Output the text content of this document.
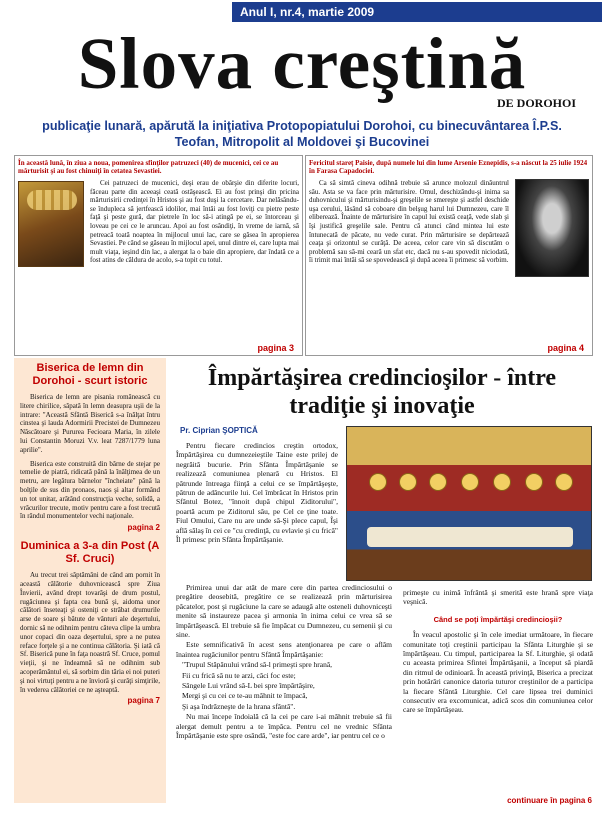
Anul I, nr.4, martie 2009
Slova creştină
DE DOROHOI
publicaţie lunară, apărută la iniţiativa Protopopiatului Dorohoi, cu binecuvântarea Î.P.S. Teofan, Mitropolit al Moldovei şi Bucovinei
În această lună, în ziua a noua, pomenirea sfinţilor patruzeci (40) de mucenici, cei ce au mărturisit şi au fost chinuiţi în cetatea Sevastiei.
Cei patruzeci de mucenici, deşi erau de obârşie din diferite locuri, făceau parte din aceeaşi ceată ostăşească. Ei au fost prinşi din pricina mărturisirii credinţei în Hristos şi au fost duşi la cercetare. Dar nelăsându-se îndupleca să jertfească idolilor, mai întâi au fost loviţi cu pietre peste faţă şi peste gură, dar pietrele în loc să-i atingă pe ei, se întorceau şi loveau pe cei ce le aruncau. Apoi au fost osândiţi, în vreme de iarnă, să petreacă toată noaptea în mijlocul unui lac, care se găsea în apropierea Sevastiei. Pe când se găseau în mijlocul apei, unul dintre ei, care lupta mai mult viaţa, ieşind din lac, a alergat la o baie din apropiere, dar îndată ce a fost atins de căldura de acolo, s-a topit cu totul.
pagina 3
Fericitul stareţ Paisie, după numele lui din lume Arsenie Eznepidis, s-a născut la 25 iulie 1924 în Farasa Capadociei.
Ca să simtă cineva odihnă trebuie să arunce molozul dinăuntrul său. Asta se va face prin mărturisire. Omul, deschizându-şi inima sa duhovnicului şi mărturisindu-şi greşelile se smereşte şi astfel deschide uşa cerului, lăsând să coboare din belşug harul lui Dumnezeu, care îl eliberează. Înainte de mărturisire în capul lui există ceaţă, vede slab şi îşi justifică greşelile sale. Pentru că atunci când mintea lui este întunecată de păcate, nu vede curat. Prin mărturisire se depărtează ceaţa şi orizontul se curăţă. De aceea, celor care vin să discutăm o problemă sau să-mi ceară un sfat etc, dacă nu s-au spovedit niciodată, îi trimit mai întâi să se spovedească şi după aceea îi primesc să vorbim.
pagina 4
Biserica de lemn din Dorohoi - scurt istoric
Biserica de lemn are pisania românească cu litere chirilice, săpată în lemn deasupra uşii de la intrare: "Această Sfântă Biserică s-a înălţat întru cinstea şi lauda Adormirii Precistei de Dumnezeu Născătoare şi Pururea Fecioara Maria, în zilele lui Constantin Moruzi V.v. leat 7287/1779 luna aprilie".
Biserica este construită din bârne de stejar pe temelie de piatră, ridicată până la înălţimea de un metru, are legătura bârnelor "încheiate" până la bolţile de sus din pronaos, naos şi altar formând un tot unitar, arătând construcţia veche, solidă, a vrăcurilor trecute, motiv pentru care a fost trecută în rândul monumentelor vechi naţionale.
pagina 2
Duminica a 3-a din Post (A Sf. Cruci)
Au trecut trei săptămâni de când am pornit în această călătorie duhovnicească spre Ziua Învierii, având drept tovarăşi de drum postul, rugăciunea şi fapta cea bună şi, aidoma unor călători înseteaţi şi osteniţi ce străbat drumurile arse de soare şi bătute de vânturi ale deşertului, dornic să ne odihnim pentru câteva clipe la umbra unor copaci din oaza deşertului, spre a ne putea reface forţele şi a ne continua călătoria. Şi iată că Sf. Biserică pune în faţa noastră Sf. Cruce, pomul vieţii, şi ne îndeamnă să ne odihnim sub acoperământul ei, să sorbim din tăria ei noi puteri şi noi virtuţi pentru a ne învioră şi curăţi simţirile, în vederea călătoriei ce ne aşteaptă.
pagina 7
Împărtăşirea credincioşilor - între tradiţie şi inovaţie
Pr. Ciprian ŞOPTICĂ

Pentru fiecare credincios creştin ortodox, Împărtăşirea cu dumnezeieştile Taine este prilej de negrăită bucurie. Prin Sfânta Împărtăşanie se realizează comuniunea plenară cu Hristos. El pătrunde întreaga fiinţă a celui ce se împărtăşeşte, pătrun de adâncurile lui. Cel îmbrăcat în Hristos prin Sfântul Botez, "înnoit după chipul Ziditorului", poartă acum pe Ziditorul său, pe Cel ce ţine toate. Fiul Omului, Care nu are unde să-Şi plece capul, Îşi află sălaş în cei ce "cu credinţă, cu evlavie şi cu frică" Îl primesc prin Sfânta Împărtăşanie.

Primirea unui dar atât de mare cere din partea credinciosului o pregătire deosebită, pregătire ce se realizează prin mărturisirea păcatelor, post şi rugăciune la care se adaugă alte osteneli duhovniceşti menite să instaureze pacea şi armonia în inima celui ce vrea să se împărtăşească. El trebuie să fie împăcat cu Dumnezeu, cu semenii şi cu sine.

Este semnificativă în acest sens atenţionarea pe care o aflăm înaintea rugăciunilor pentru Sfântă Împărtăşanie:

"Trupul Stăpânului vrând să-l primeşti spre hrană,

Fii cu frică să nu te arzi, căci foc este;

Sângele Lui vrând să-L bei spre împărtăşire,

Mergi şi cu cei ce te-au mâhnit te împacă,

Şi aşa îndrăzneşte de la hrana sfântă".

Nu mai începe îndoială că la cei pe care i-ai mâhnit trebuie să fii alergat demult pentru a te împăca. Pentru cel ne vrednic Sfânta Împărtăşanie este spre osândă, "este foc care arde", iar pentru cel ce o

primeşte cu inimă înfrântă şi smerită este hrană spre viaţa veşnică.

Când se poţi împărtăşi credincioşii?

În veacul apostolic şi în cele imediat următoare, în fiecare comunitate toţi creştinii participau la Sfânta Liturghie şi se împărtăşeau. Cu timpul, participarea la Sf. Liturghie, şi odată cu aceasta primirea Sfintei Împărtăşanii, a început să piardă din ritmul de odinioară. În această privinţă, Biserica a precizat prin hotărâri canonice datoria tuturor creştinilor de a participa la fiecare Sfântă Liturghie. Cel care lipsea trei duminici consecutiv era excomunicat, adică scos din comuniunea celor care se împărtăşeau.

continuare în pagina 6
